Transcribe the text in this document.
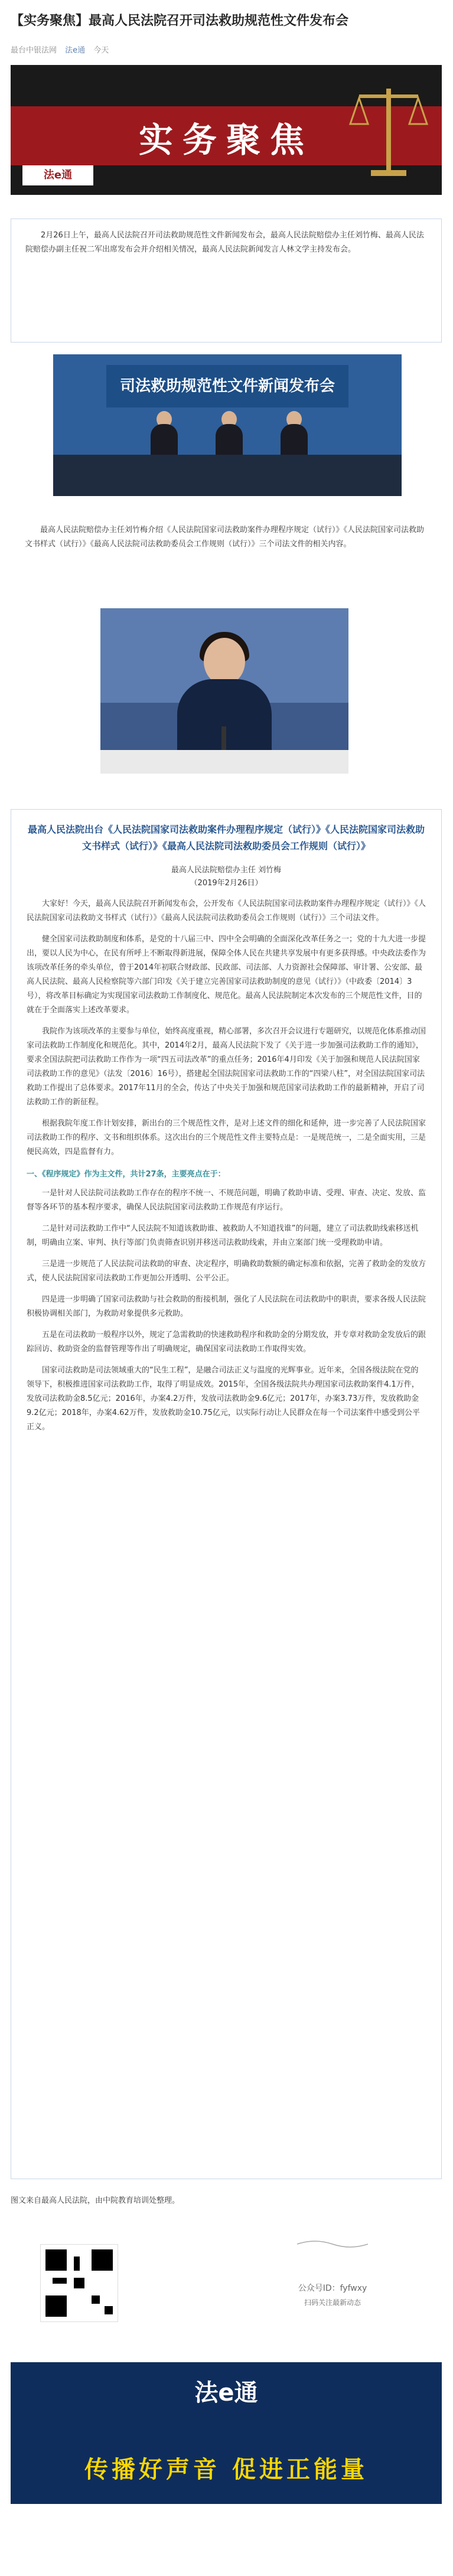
【实务聚焦】最高人民法院召开司法救助规范性文件发布会
最台中银法网 法e通 今天
实务聚焦
法e通

2月26日上午，最高人民法院召开司法救助规范性文件新闻发布会，最高人民法院赔偿办主任刘竹梅、最高人民法院赔偿办副主任祝二军出席发布会并介绍相关情况，最高人民法院新闻发言人林文学主持发布会。

司法救助规范性文件新闻发布会

最高人民法院赔偿办主任刘竹梅介绍《人民法院国家司法救助案件办理程序规定（试行）》《人民法院国家司法救助文书样式（试行）》《最高人民法院司法救助委员会工作规则（试行）》三个司法文件的相关内容。

最高人民法院出台《人民法院国家司法救助案件办理程序规定（试行）》《人民法院国家司法救助文书样式（试行）》《最高人民法院司法救助委员会工作规则（试行）》

最高人民法院赔偿办主任 刘竹梅

（2019年2月26日）

大家好！今天，最高人民法院召开新闻发布会，公开发布《人民法院国家司法救助案件办理程序规定（试行）》《人民法院国家司法救助文书样式（试行）》《最高人民法院司法救助委员会工作规则（试行）》三个司法文件。

健全国家司法救助制度和体系，是党的十八届三中、四中全会明确的全面深化改革任务之一；党的十九大进一步提出，要以人民为中心，在民有所呼上不断取得新进展，保障全体人民在共建共享发展中有更多获得感。中央政法委作为该项改革任务的牵头单位，曾于2014年初联合财政部、民政部、司法部、人力资源社会保障部、审计署、公安部、最高人民法院、最高人民检察院等六部门印发《关于建立完善国家司法救助制度的意见（试行）》（中政委〔2014〕3号），将改革目标确定为实现国家司法救助工作制度化、规范化。最高人民法院制定本次发布的三个规范性文件，目的就在于全面落实上述改革要求。

我院作为该项改革的主要参与单位，始终高度重视，精心部署，多次召开会议进行专题研究，以规范化体系推动国家司法救助工作制度化和规范化。其中，2014年2月，最高人民法院下发了《关于进一步加强司法救助工作的通知》，要求全国法院把司法救助工作作为一项“四五司法改革”的重点任务；2016年4月印发《关于加强和规范人民法院国家司法救助工作的意见》（法发〔2016〕16号），搭建起全国法院国家司法救助工作的“四梁八柱”，对全国法院国家司法救助工作提出了总体要求。2017年11月的全会，传达了中央关于加强和规范国家司法救助工作的最新精神，开启了司法救助工作的新征程。

根据我院年度工作计划安排，新出台的三个规范性文件，是对上述文件的细化和延伸，进一步完善了人民法院国家司法救助工作的程序、文书和组织体系。这次出台的三个规范性文件主要特点是：一是规范统一，二是全面实用，三是便民高效，四是监督有力。

一、《程序规定》作为主文件，共计27条，主要亮点在于：

一是针对人民法院司法救助工作存在的程序不统一、不规范问题，明确了救助申请、受理、审查、决定、发放、监督等各环节的基本程序要求，确保人民法院国家司法救助工作规范有序运行。

二是针对司法救助工作中“人民法院不知道该救助谁、被救助人不知道找谁”的问题，建立了司法救助线索移送机制，明确由立案、审判、执行等部门负责筛查识别并移送司法救助线索，并由立案部门统一受理救助申请。

三是进一步规范了人民法院司法救助的审查、决定程序，明确救助数额的确定标准和依据，完善了救助金的发放方式，使人民法院国家司法救助工作更加公开透明、公平公正。

四是进一步明确了国家司法救助与社会救助的衔接机制，强化了人民法院在司法救助中的职责，要求各级人民法院积极协调相关部门，为救助对象提供多元救助。

五是在司法救助一般程序以外，规定了急需救助的快速救助程序和救助金的分期发放，并专章对救助金发放后的跟踪回访、救助资金的监督管理等作出了明确规定，确保国家司法救助工作取得实效。

国家司法救助是司法领域重大的“民生工程”，是融合司法正义与温度的光辉事业。近年来，全国各级法院在党的领导下，积极推进国家司法救助工作，取得了明显成效。2015年，全国各级法院共办理国家司法救助案件4.1万件，发放司法救助金8.5亿元；2016年，办案4.2万件，发放司法救助金9.6亿元；2017年，办案3.73万件，发放救助金9.2亿元；2018年，办案4.62万件，发放救助金10.75亿元，以实际行动让人民群众在每一个司法案件中感受到公平正义。

图文来自最高人民法院，由中院教育培训处整理。
公众号ID：fyfwxy
扫码关注最新动态
法e通
传播好声音 促进正能量
